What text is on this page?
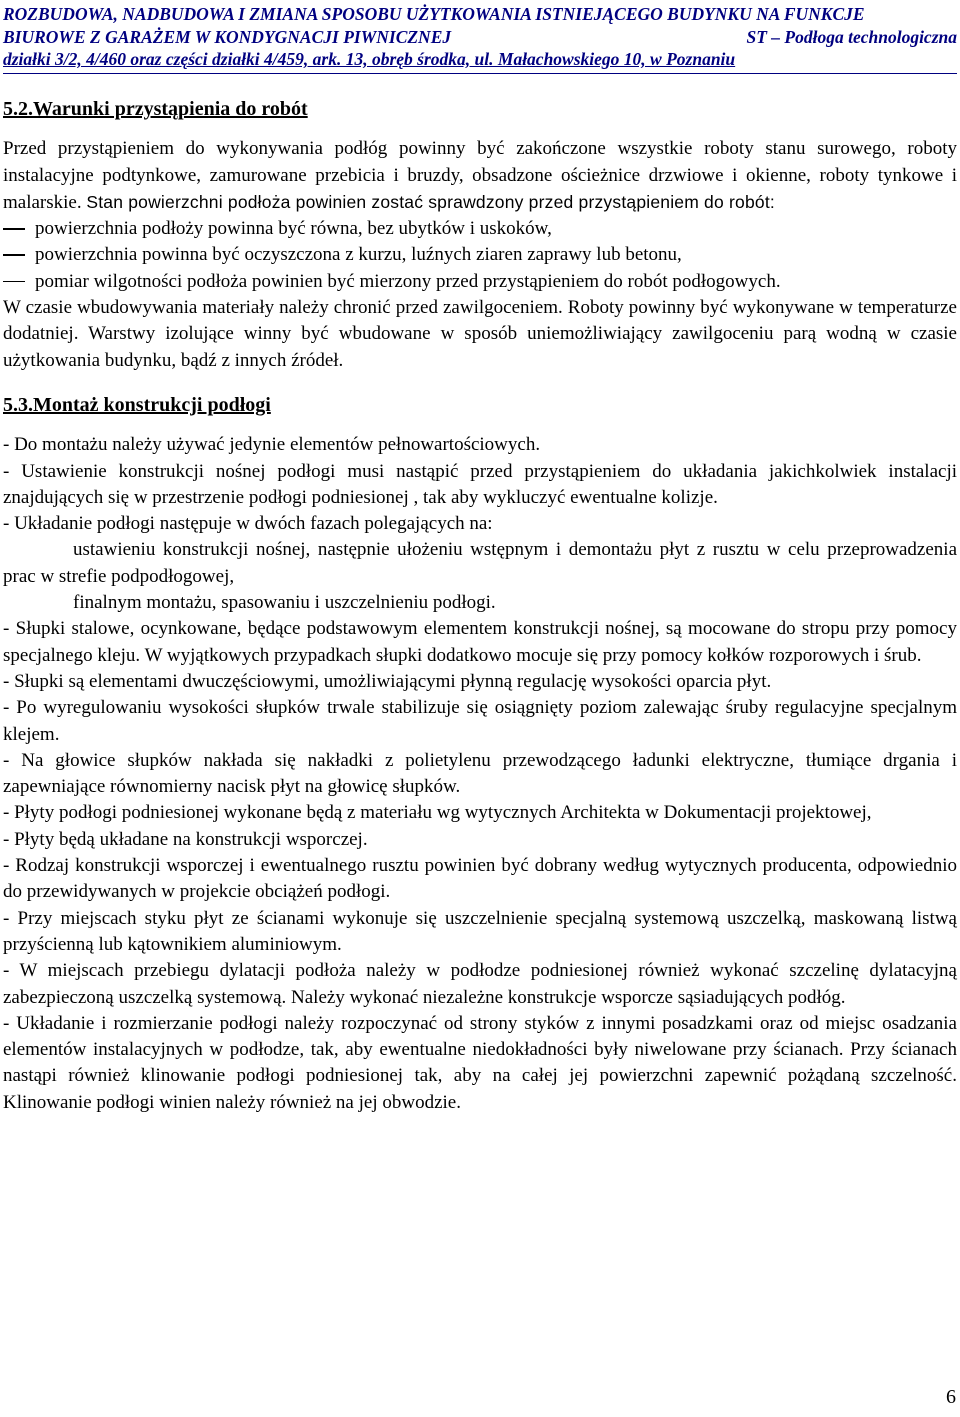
ROZBUDOWA, NADBUDOWA I ZMIANA SPOSOBU UŻYTKOWANIA ISTNIEJĄCEGO BUDYNKU NA FUNKCJE
BIUROWE Z GARAŻEM W KONDYGNACJI PIWNICZNEJ	ST – Podłoga technologiczna
działki 3/2, 4/460 oraz części działki 4/459, ark. 13, obręb środka, ul. Małachowskiego 10, w Poznaniu
5.2.Warunki przystąpienia do robót

Przed przystąpieniem do wykonywania podłóg powinny być zakończone wszystkie roboty stanu surowego, roboty instalacyjne podtynkowe, zamurowane przebicia i bruzdy, obsadzone ościeżnice drzwiowe i okienne, roboty tynkowe i malarskie. Stan powierzchni podłoża powinien zostać sprawdzony przed przystąpieniem do robót:

powierzchnia podłoży powinna być równa, bez ubytków i uskoków,
powierzchnia powinna być oczyszczona z kurzu, luźnych ziaren zaprawy lub betonu,
pomiar wilgotności podłoża powinien być mierzony przed przystąpieniem do robót podłogowych.

W czasie wbudowywania materiały należy chronić przed zawilgoceniem. Roboty powinny być wykonywane w temperaturze dodatniej. Warstwy izolujące winny być wbudowane w sposób uniemożliwiający zawilgoceniu parą wodną w czasie użytkowania budynku, bądź z innych źródeł.

5.3.Montaż konstrukcji podłogi

- Do montażu należy używać jedynie elementów pełnowartościowych.

- Ustawienie konstrukcji nośnej podłogi musi nastąpić przed przystąpieniem do układania jakichkolwiek instalacji znajdujących się w przestrzenie podłogi podniesionej , tak aby wykluczyć ewentualne kolizje.

- Układanie podłogi następuje w dwóch fazach polegających na:

ustawieniu konstrukcji nośnej, następnie ułożeniu wstępnym i demontażu płyt z rusztu w celu przeprowadzenia prac w strefie podpodłogowej,

finalnym montażu, spasowaniu i uszczelnieniu podłogi.

- Słupki stalowe, ocynkowane, będące podstawowym elementem konstrukcji nośnej, są mocowane do stropu przy pomocy specjalnego kleju. W wyjątkowych przypadkach słupki dodatkowo mocuje się przy pomocy kołków rozporowych i śrub.

- Słupki są elementami dwuczęściowymi, umożliwiającymi płynną regulację wysokości oparcia płyt.

- Po wyregulowaniu wysokości słupków trwale stabilizuje się osiągnięty poziom zalewając śruby regulacyjne specjalnym klejem.

- Na głowice słupków nakłada się nakładki z polietylenu przewodzącego ładunki elektryczne, tłumiące drgania i zapewniające równomierny nacisk płyt na głowicę słupków.

- Płyty podłogi podniesionej wykonane będą z materiału wg wytycznych Architekta w Dokumentacji projektowej,

- Płyty będą układane na konstrukcji wsporczej.

- Rodzaj konstrukcji wsporczej i ewentualnego rusztu powinien być dobrany według wytycznych producenta, odpowiednio do przewidywanych w projekcie obciążeń podłogi.

- Przy miejscach styku płyt ze ścianami wykonuje się uszczelnienie specjalną systemową uszczelką, maskowaną listwą przyścienną lub kątownikiem aluminiowym.

- W miejscach przebiegu dylatacji podłoża należy w podłodze podniesionej również wykonać szczelinę dylatacyjną zabezpieczoną uszczelką systemową. Należy wykonać niezależne konstrukcje wsporcze sąsiadujących podłóg.

- Układanie i rozmierzanie podłogi należy rozpoczynać od strony styków z innymi posadzkami oraz od miejsc osadzania elementów instalacyjnych w podłodze, tak, aby ewentualne niedokładności były niwelowane przy ścianach. Przy ścianach nastąpi również klinowanie podłogi podniesionej tak, aby na całej jej powierzchni zapewnić pożądaną szczelność. Klinowanie podłogi winien należy również na jej obwodzie.

6
